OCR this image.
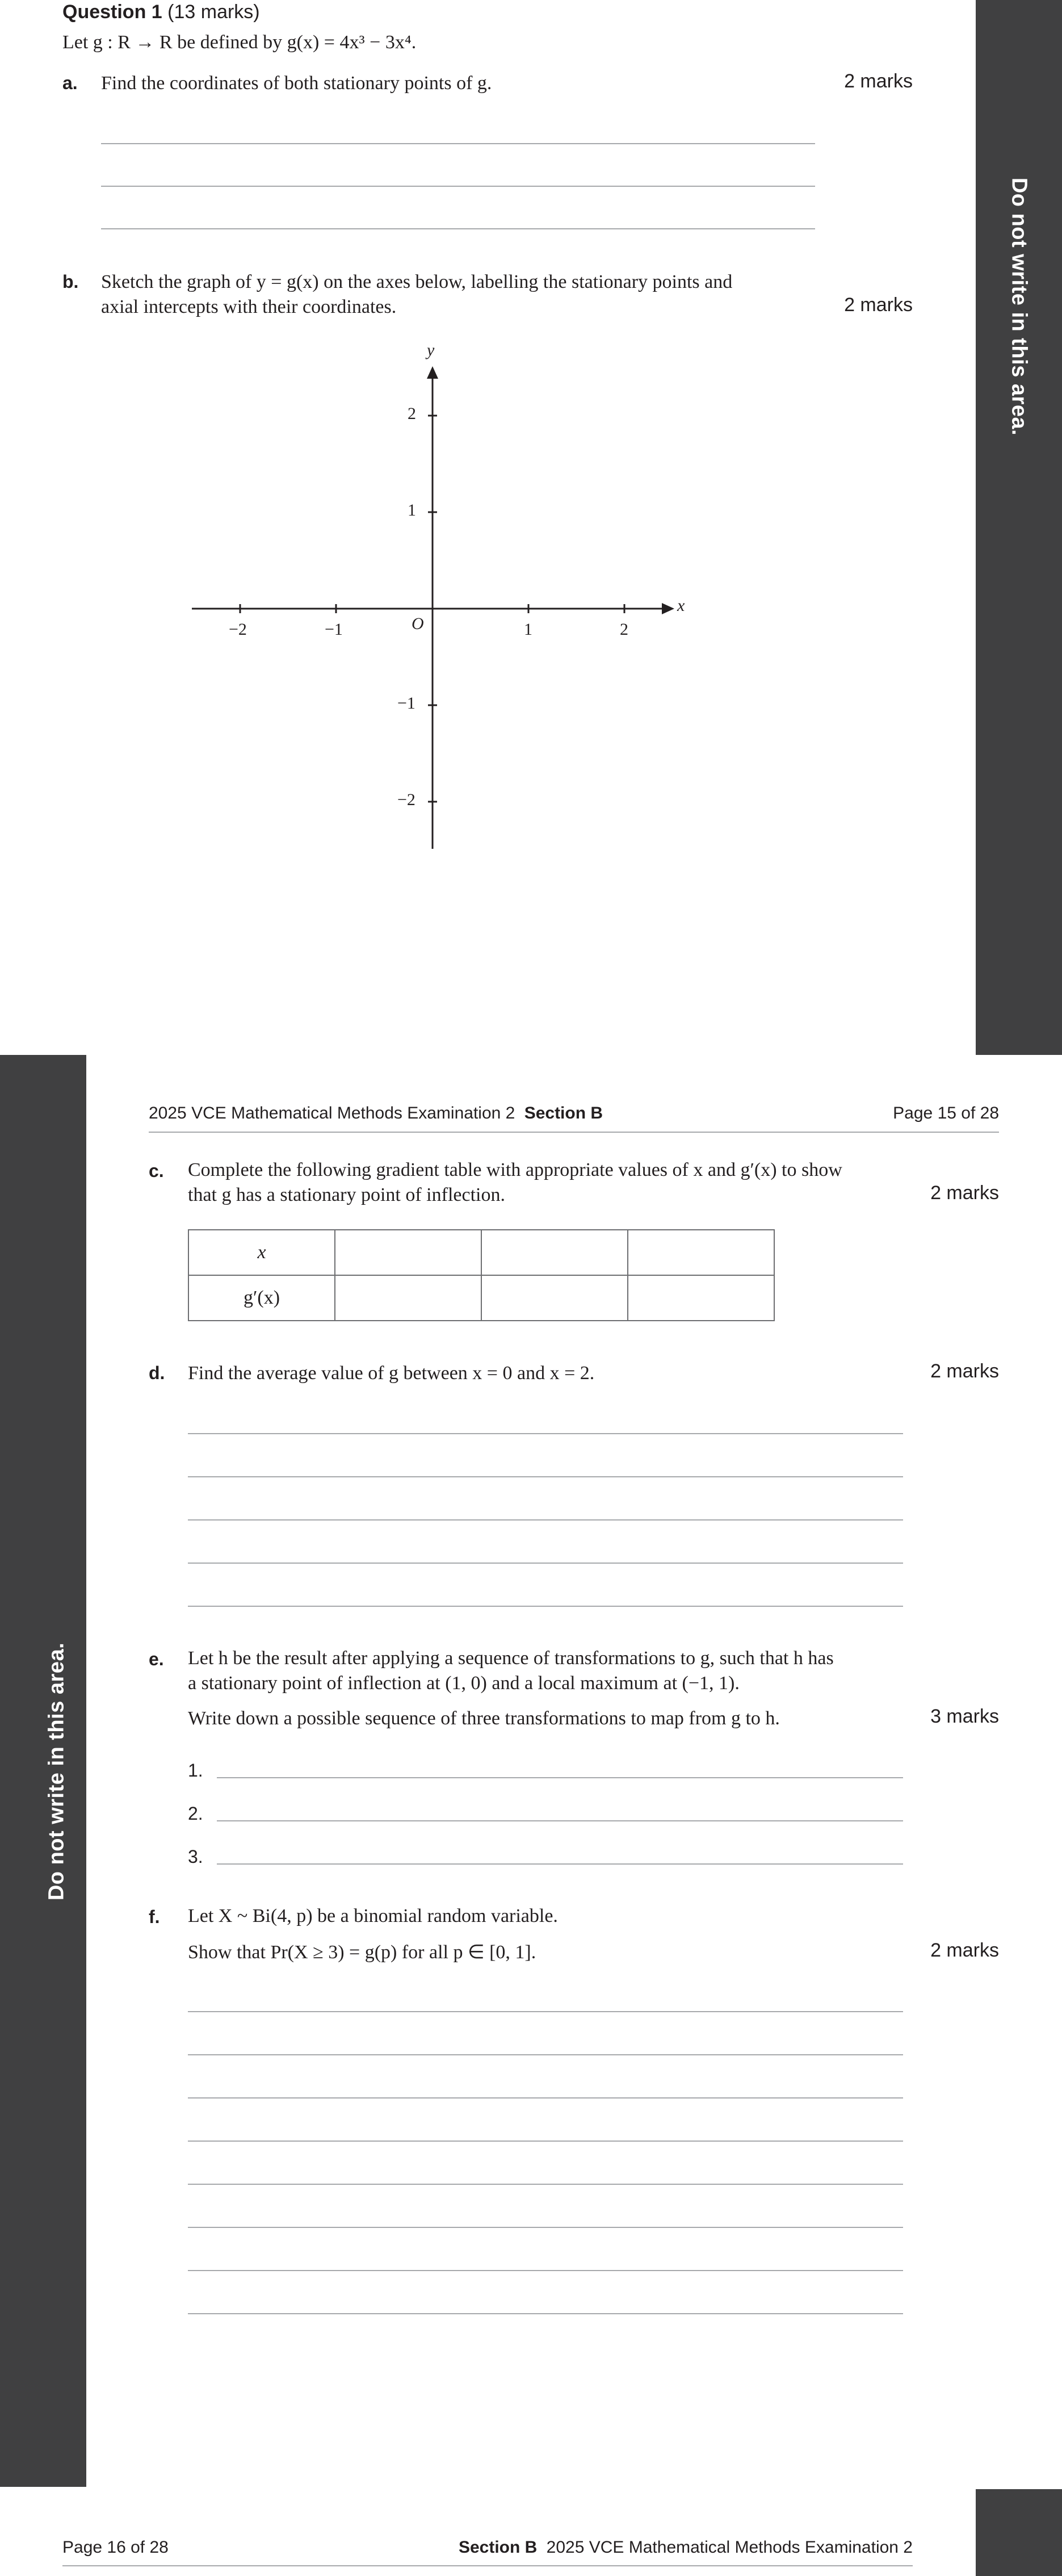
Do not write in this area.
Question 1 (13 marks)
Let g : R → R be defined by g(x) = 4x³ − 3x⁴.
a. Find the coordinates of both stationary points of g.	2 marks
b. Sketch the graph of y = g(x) on the axes below, labelling the stationary points and
axial intercepts with their coordinates.	2 marks
x
y
O
−2	−1	1	2
2
1
−1
−2
Do not write in this area.
2025 VCE Mathematical Methods Examination 2 Section B	Page 15 of 28
c. Complete the following gradient table with appropriate values of x and g′(x) to show
that g has a stationary point of inflection.	2 marks
x			
g′(x)			
d. Find the average value of g between x = 0 and x = 2.	2 marks
e. Let h be the result after applying a sequence of transformations to g, such that h has
a stationary point of inflection at (1, 0) and a local maximum at (−1, 1).
Write down a possible sequence of three transformations to map from g to h.	3 marks
1.
2.
3.
f. Let X ~ Bi(4, p) be a binomial random variable.
Show that Pr(X ≥ 3) = g(p) for all p ∈ [0, 1].	2 marks
Page 16 of 28	Section B 2025 VCE Mathematical Methods Examination 2
